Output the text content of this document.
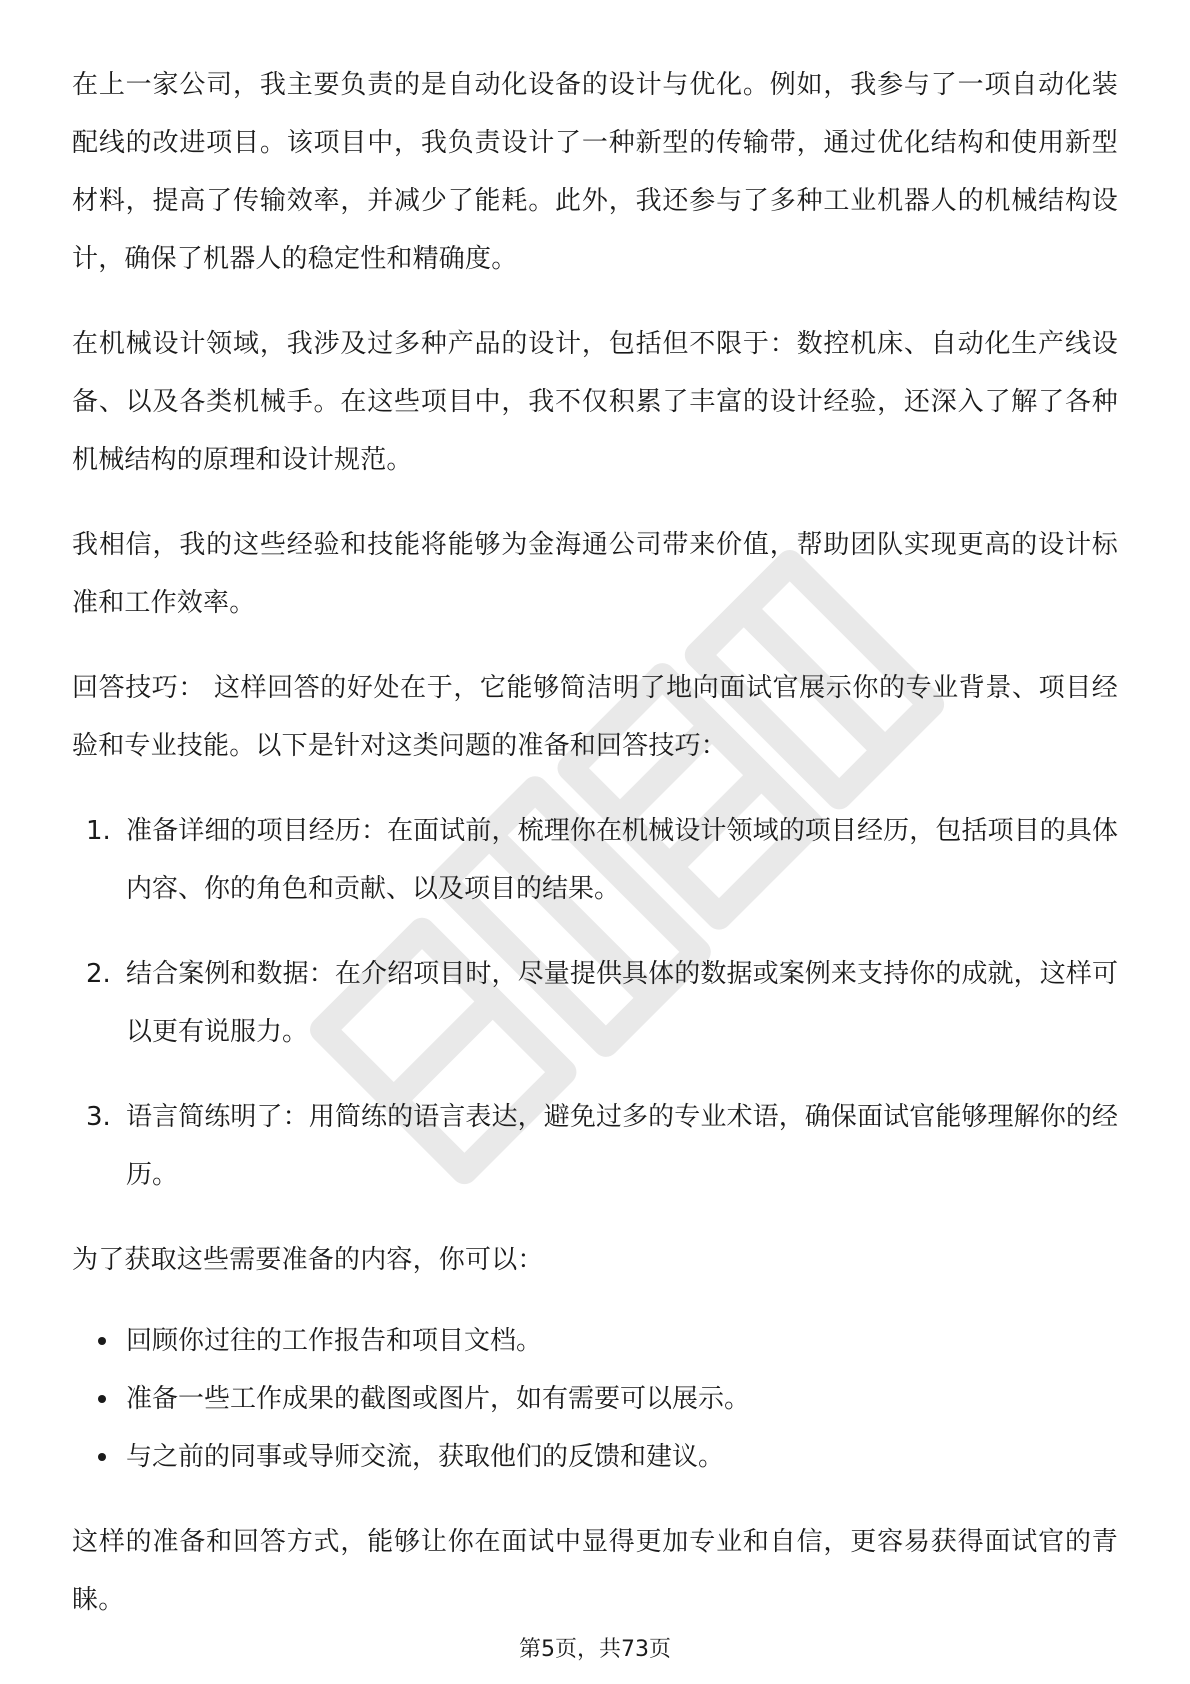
在上一家公司，我主要负责的是自动化设备的设计与优化。例如，我参与了一项自动化装配线的改进项目。该项目中，我负责设计了一种新型的传输带，通过优化结构和使用新型材料，提高了传输效率，并减少了能耗。此外，我还参与了多种工业机器人的机械结构设计，确保了机器人的稳定性和精确度。

在机械设计领域，我涉及过多种产品的设计，包括但不限于：数控机床、自动化生产线设备、以及各类机械手。在这些项目中，我不仅积累了丰富的设计经验，还深入了解了各种机械结构的原理和设计规范。

我相信，我的这些经验和技能将能够为金海通公司带来价值，帮助团队实现更高的设计标准和工作效率。

回答技巧： 这样回答的好处在于，它能够简洁明了地向面试官展示你的专业背景、项目经验和专业技能。以下是针对这类问题的准备和回答技巧：

1. 准备详细的项目经历：在面试前，梳理你在机械设计领域的项目经历，包括项目的具体内容、你的角色和贡献、以及项目的结果。
2. 结合案例和数据：在介绍项目时，尽量提供具体的数据或案例来支持你的成就，这样可以更有说服力。
3. 语言简练明了：用简练的语言表达，避免过多的专业术语，确保面试官能够理解你的经历。

为了获取这些需要准备的内容，你可以：

回顾你过往的工作报告和项目文档。
准备一些工作成果的截图或图片，如有需要可以展示。
与之前的同事或导师交流，获取他们的反馈和建议。

这样的准备和回答方式，能够让你在面试中显得更加专业和自信，更容易获得面试官的青睐。

第5页，共73页
